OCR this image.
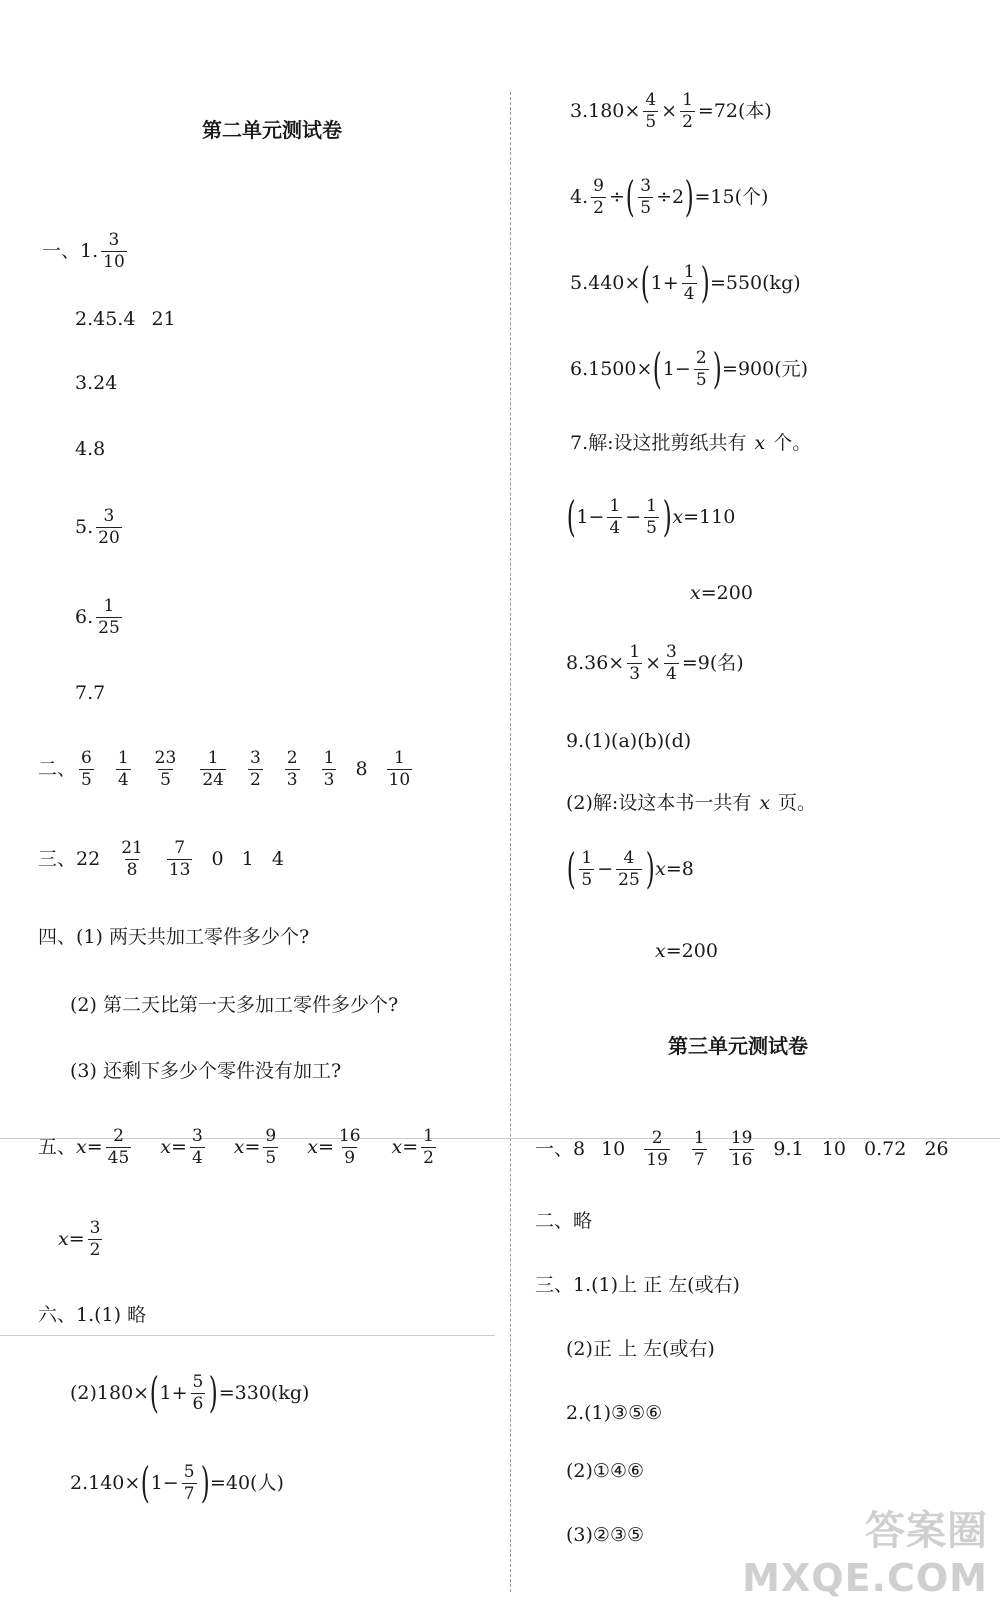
第二单元测试卷
一、1. $\frac{3}{10}$
2.45.4 21
3.24
4.8
5. $\frac{3}{20}$
6. $\frac{1}{25}$
7.7
二、 $\frac{6}{5} \frac{1}{4} \frac{23}{5} \frac{1}{24} \frac{3}{2} \frac{2}{3} \frac{1}{3} 8 \frac{1}{10}$
三、$22 \frac{21}{8} \frac{7}{13} 0$   1   4
四、(1) 两天共加工零件多少个?
(2) 第二天比第一天多加工零件多少个?
(3) 还剩下多少个零件没有加工?
五、 $x = \frac{2}{45}$ $x = \frac{3}{4}$ $x = \frac{9}{5}$ $x = \frac{16}{9}$ $x = \frac{1}{2}$
$x = \frac{3}{2}$
六、1.(1) 略
(2)180× ( $1+ \frac{5}{6}$ ) =330(kg)
2.140× ( $1- \frac{5}{7}$ ) =40(人)
$3.180\times \frac{4}{5} \times \frac{1}{2} =72$(本)
4. $\frac{9}{2}$ ÷ ( $\frac{3}{5} \div 2$ ) =15(个)
5.440× ( $1+ \frac{1}{4}$ ) =550(kg)
6.1500× ( $1- \frac{2}{5}$ ) =900(元)
7.解:设这批剪纸共有 x 个。
( $1- \frac{1}{4} - \frac{1}{5}$ ) x =110
x =200
$8.36\times \frac{1}{3} \times \frac{3}{4} =9$(名)
9.(1)(a)(b)(d)
(2)解:设这本书一共有 x 页。
( $\frac{1}{5} - \frac{4}{25}$ ) x =8
x =200
第三单元测试卷
一、8 $10 \frac{2}{19} \frac{1}{7} \frac{19}{16} 9.1$   10   0.72   26
二、略
三、1.(1)上 正 左(或右)
(2)正 上 左(或右)
2.(1)③⑤⑥
(2)①④⑥
(3)②③⑤	答案圈
MXQE.COM
